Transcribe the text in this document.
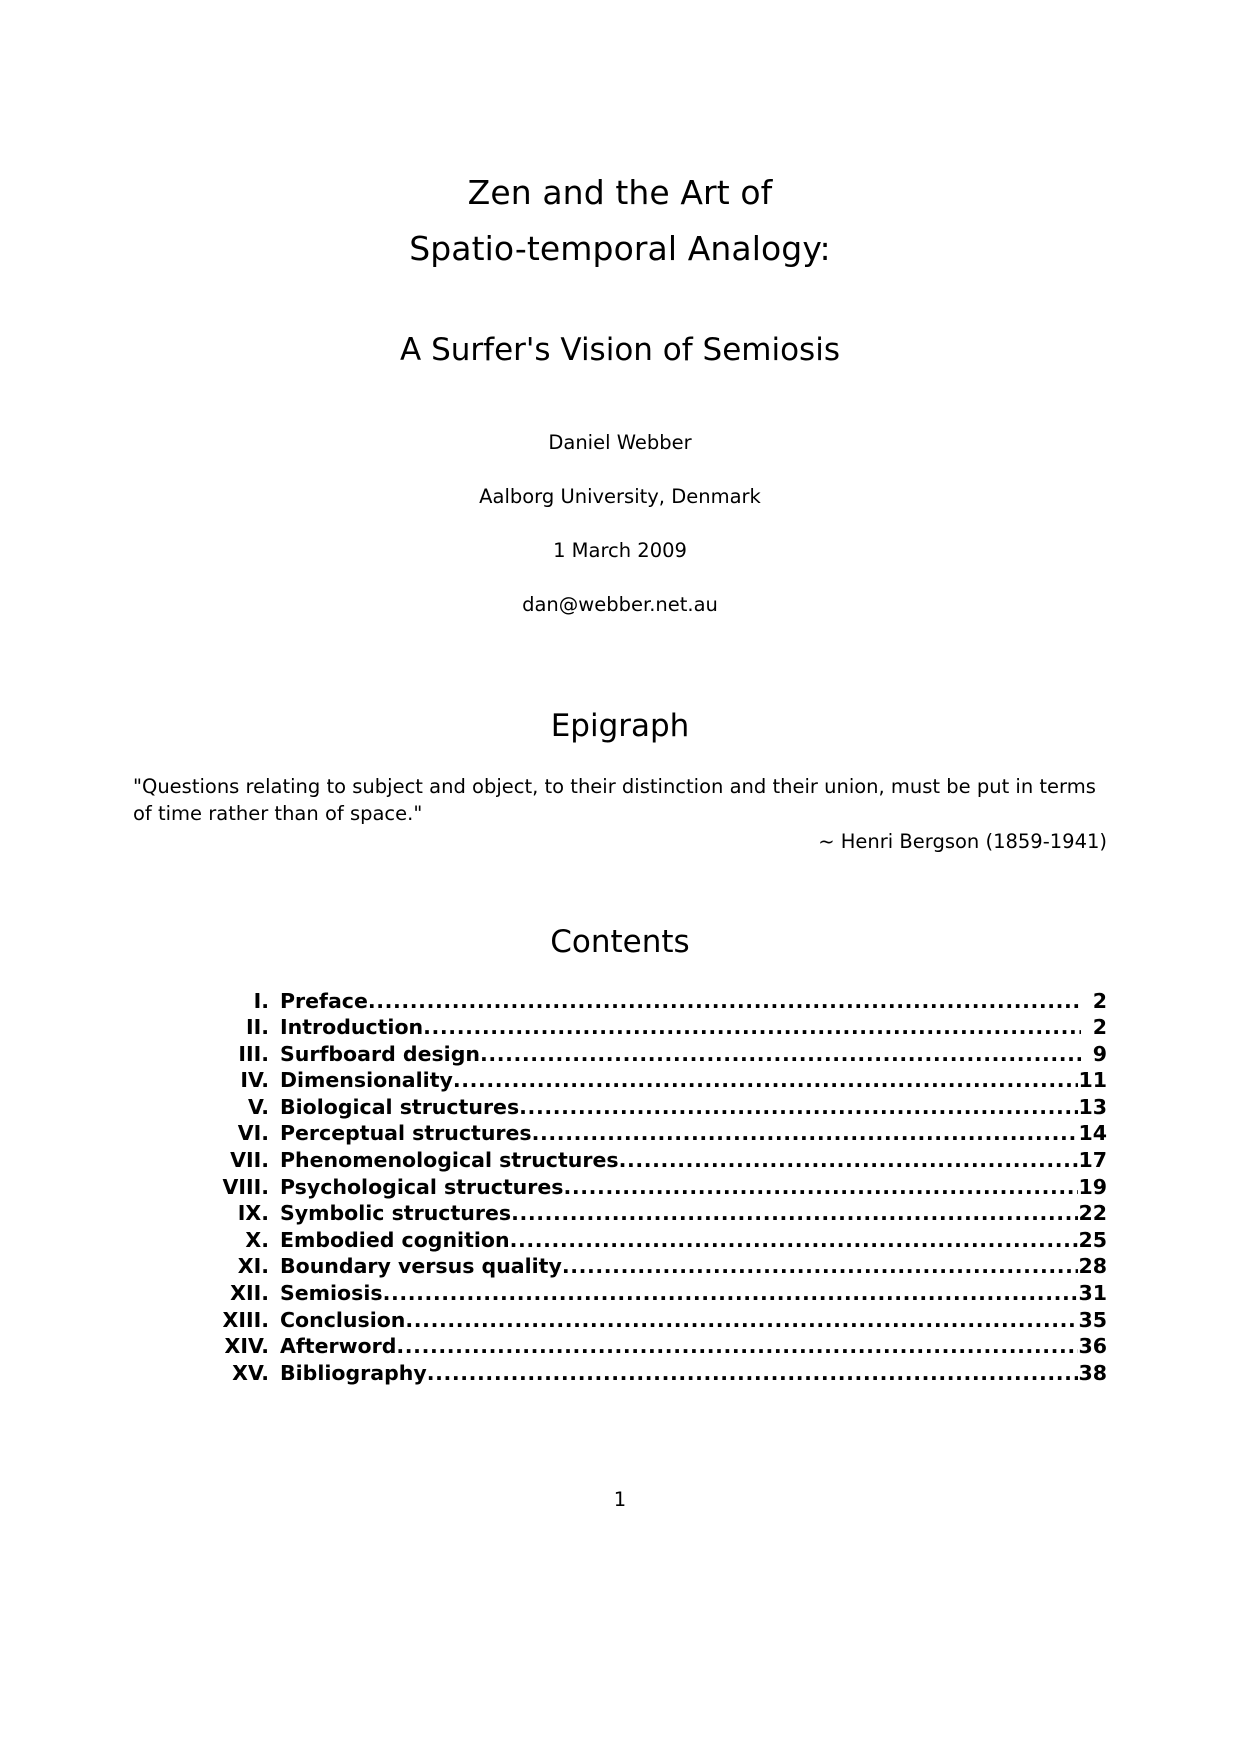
Zen and the Art of
Spatio-temporal Analogy:
A Surfer's Vision of Semiosis
Daniel Webber
Aalborg University, Denmark
1 March 2009
dan@webber.net.au
Epigraph
"Questions relating to subject and object, to their distinction and their union, must be put in terms of time rather than of space."
~ Henri Bergson (1859-1941)
Contents
I. Preface .....	2
II. Introduction .....	2
III. Surfboard design .....	9
IV. Dimensionality .....	11
V. Biological structures .....	13
VI. Perceptual structures .....	14
VII. Phenomenological structures .....	17
VIII. Psychological structures .....	19
IX. Symbolic structures .....	22
X. Embodied cognition .....	25
XI. Boundary versus quality .....	28
XII. Semiosis .....	31
XIII. Conclusion .....	35
XIV. Afterword .....	36
XV. Bibliography .....	38
1
